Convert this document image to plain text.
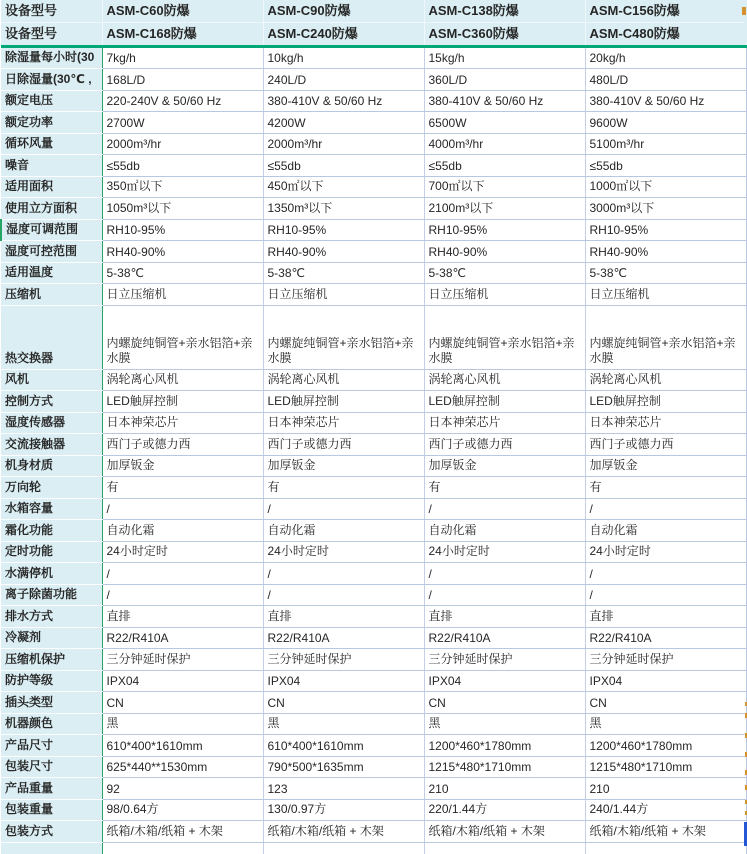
设备型号	ASM-C60防爆	ASM-C90防爆	ASM-C138防爆	ASM-C156防爆
设备型号	ASM-C168防爆	ASM-C240防爆	ASM-C360防爆	ASM-C480防爆
除湿量每小时(30	7kg/h	10kg/h	15kg/h	20kg/h
日除湿量(30℃ ,	168L/D	240L/D	360L/D	480L/D
额定电压	220-240V & 50/60 Hz	380-410V & 50/60 Hz	380-410V & 50/60 Hz	380-410V & 50/60 Hz
额定功率	2700W	4200W	6500W	9600W
循环风量	2000m³/hr	2000m³/hr	4000m³/hr	5100m³/hr
噪音	≤55db	≤55db	≤55db	≤55db
适用面积	350㎡以下	450㎡以下	700㎡以下	1000㎡以下
使用立方面积	1050m³以下	1350m³以下	2100m³以下	3000m³以下
湿度可调范围	RH10-95%	RH10-95%	RH10-95%	RH10-95%
湿度可控范围	RH40-90%	RH40-90%	RH40-90%	RH40-90%
适用温度	5-38℃	5-38℃	5-38℃	5-38℃
压缩机	日立压缩机	日立压缩机	日立压缩机	日立压缩机
热交换器	内螺旋纯铜管+亲水铝箔+亲水膜	内螺旋纯铜管+亲水铝箔+亲水膜	内螺旋纯铜管+亲水铝箔+亲水膜	内螺旋纯铜管+亲水铝箔+亲水膜
风机	涡轮离心风机	涡轮离心风机	涡轮离心风机	涡轮离心风机
控制方式	LED触屏控制	LED触屏控制	LED触屏控制	LED触屏控制
湿度传感器	日本神荣芯片	日本神荣芯片	日本神荣芯片	日本神荣芯片
交流接触器	西门子或德力西	西门子或德力西	西门子或德力西	西门子或德力西
机身材质	加厚钣金	加厚钣金	加厚钣金	加厚钣金
万向轮	有	有	有	有
水箱容量	/	/	/	/
霜化功能	自动化霜	自动化霜	自动化霜	自动化霜
定时功能	24小时定时	24小时定时	24小时定时	24小时定时
水满停机	/	/	/	/
离子除菌功能	/	/	/	/
排水方式	直排	直排	直排	直排
冷凝剂	R22/R410A	R22/R410A	R22/R410A	R22/R410A
压缩机保护	三分钟延时保护	三分钟延时保护	三分钟延时保护	三分钟延时保护
防护等级	IPX04	IPX04	IPX04	IPX04
插头类型	CN	CN	CN	CN
机器颜色	黑	黑	黑	黑
产品尺寸	610*400*1610mm	610*400*1610mm	1200*460*1780mm	1200*460*1780mm
包装尺寸	625*440**1530mm	790*500*1635mm	1215*480*1710mm	1215*480*1710mm
产品重量	92	123	210	210
包装重量	98/0.64方	130/0.97方	220/1.44方	240/1.44方
包装方式	纸箱/木箱/纸箱 + 木架	纸箱/木箱/纸箱 + 木架	纸箱/木箱/纸箱 + 木架	纸箱/木箱/纸箱 + 木架
